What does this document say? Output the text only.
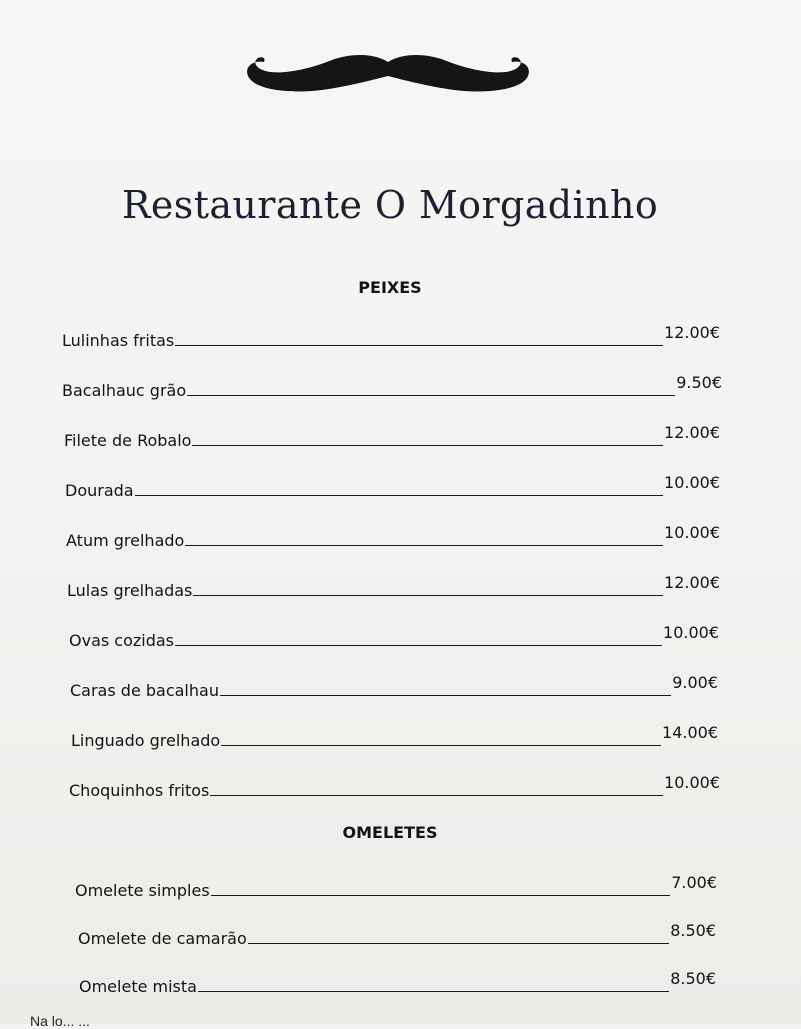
Restaurante O Morgadinho
PEIXES
Lulinhas fritas	12.00€
Bacalhauc grão	9.50€
Filete de Robalo	12.00€
Dourada	10.00€
Atum grelhado	10.00€
Lulas grelhadas	12.00€
Ovas cozidas	10.00€
Caras de bacalhau	9.00€
Linguado grelhado	14.00€
Choquinhos fritos	10.00€
OMELETES
Omelete simples	7.00€
Omelete de camarão	8.50€
Omelete mista	8.50€
Na lo... ...
